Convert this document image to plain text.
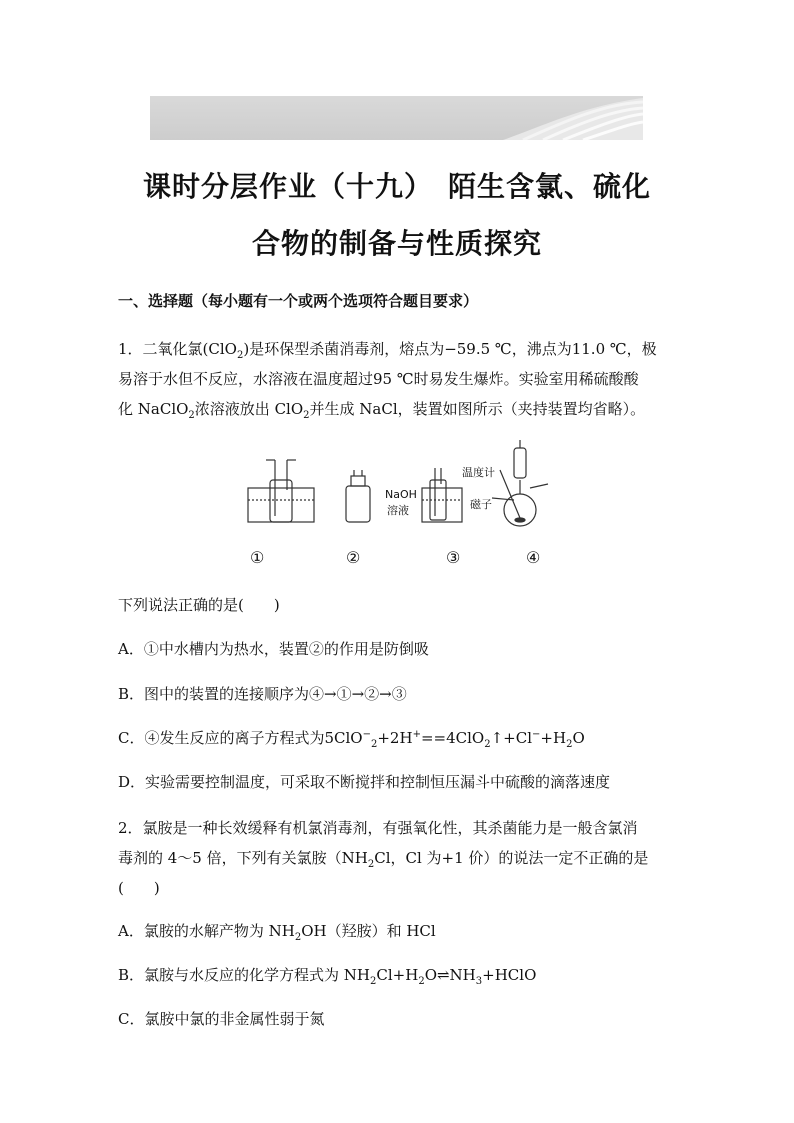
课时分层作业（十九）　陌生含氯、硫化
合物的制备与性质探究
一、选择题（每小题有一个或两个选项符合题目要求）
1．二氧化氯(ClO$_2$)是环保型杀菌消毒剂，熔点为−59.5 ℃，沸点为11.0 ℃，极
易溶于水但不反应，水溶液在温度超过95 ℃时易发生爆炸。实验室用稀硫酸酸
化 NaClO$_2$浓溶液放出 ClO$_2$并生成 NaCl，装置如图所示（夹持装置均省略）。
NaOH
溶液
温度计
磁子
①	②	③	④
下列说法正确的是(　　)
A．①中水槽内为热水，装置②的作用是防倒吸
B．图中的装置的连接顺序为④→①→②→③
C．④发生反应的离子方程式为$5ClO^-_2+2H^+==4ClO_2↑+Cl^-+H_2O$
D．实验需要控制温度，可采取不断搅拌和控制恒压漏斗中硫酸的滴落速度
2．氯胺是一种长效缓释有机氯消毒剂，有强氧化性，其杀菌能力是一般含氯消
毒剂的 4～5 倍，下列有关氯胺（$NH_2Cl$，Cl 为+1 价）的说法一定不正确的是
(　　)
A．氯胺的水解产物为 $NH_2OH$（羟胺）和 HCl
B．氯胺与水反应的化学方程式为 $NH_2Cl+H_2O\rightleftharpoons NH_3+HClO$
C．氯胺中氯的非金属性弱于氮
